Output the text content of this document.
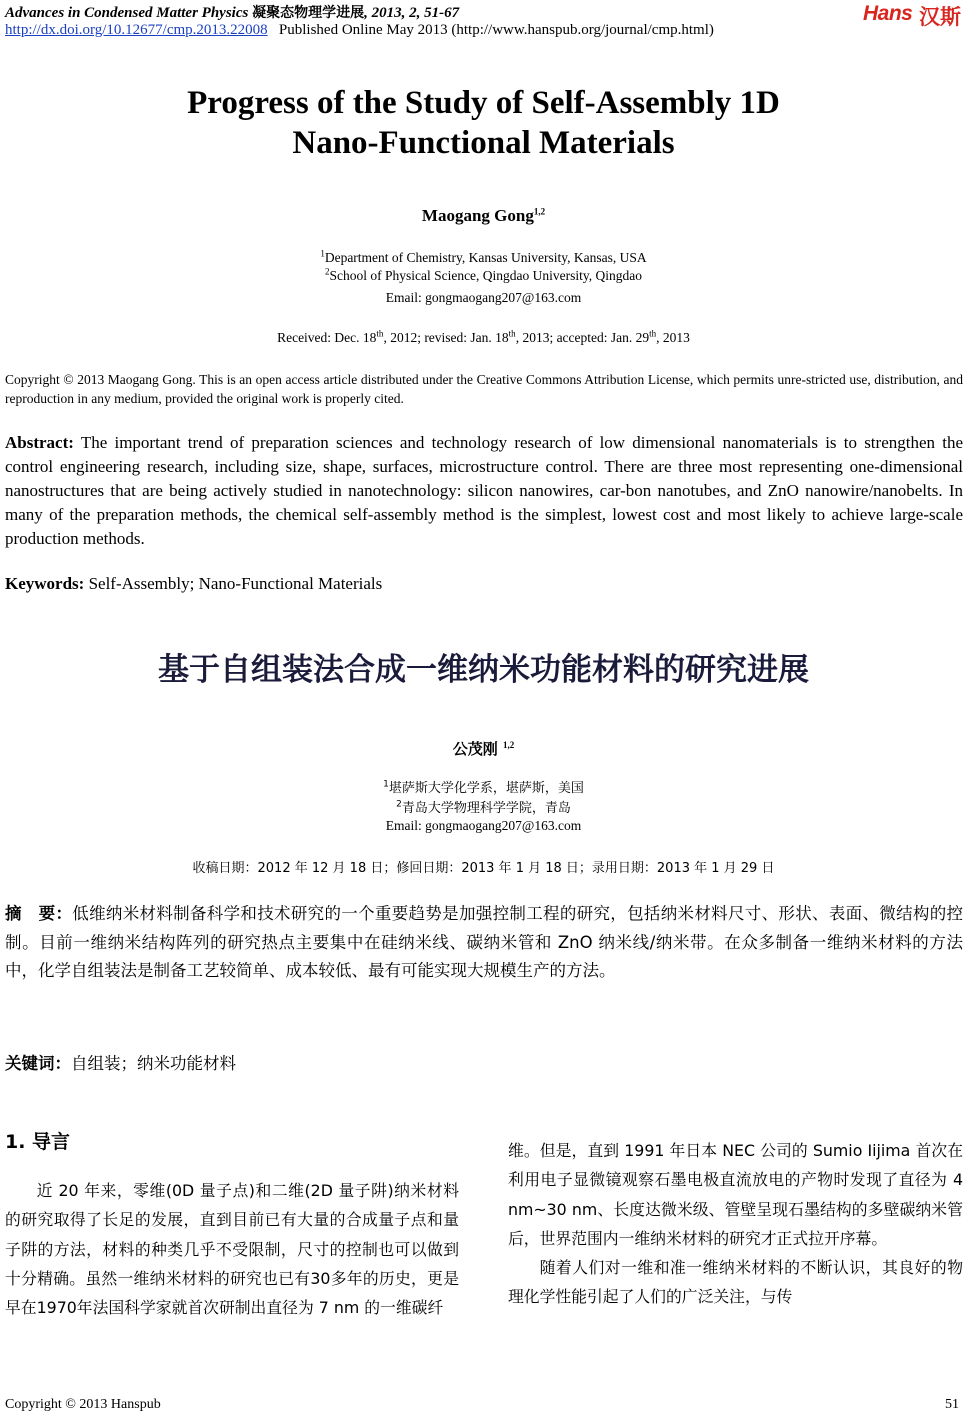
Advances in Condensed Matter Physics 凝聚态物理学进展, 2013, 2, 51-67
http://dx.doi.org/10.12677/cmp.2013.22008 Published Online May 2013 (http://www.hanspub.org/journal/cmp.html)
Hans 汉斯
Progress of the Study of Self-Assembly 1D
Nano-Functional Materials
Maogang Gong$^{1,2}$
$^1$Department of Chemistry, Kansas University, Kansas, USA
$^2$School of Physical Science, Qingdao University, Qingdao
Email: gongmaogang207@163.com
Received: Dec. 18th, 2012; revised: Jan. 18th, 2013; accepted: Jan. 29th, 2013
Copyright © 2013 Maogang Gong. This is an open access article distributed under the Creative Commons Attribution License, which permits unre-stricted use, distribution, and reproduction in any medium, provided the original work is properly cited.
Abstract: The important trend of preparation sciences and technology research of low dimensional nanomaterials is to strengthen the control engineering research, including size, shape, surfaces, microstructure control. There are three most representing one-dimensional nanostructures that are being actively studied in nanotechnology: silicon nanowires, car-bon nanotubes, and ZnO nanowire/nanobelts. In many of the preparation methods, the chemical self-assembly method is the simplest, lowest cost and most likely to achieve large-scale production methods.
Keywords: Self-Assembly; Nano-Functional Materials
基于自组装法合成一维纳米功能材料的研究进展
公茂刚 $^{1,2}$
$^1$堪萨斯大学化学系，堪萨斯，美国
$^2$青岛大学物理科学学院，青岛
Email: gongmaogang207@163.com
收稿日期：2012 年 12 月 18 日；修回日期：2013 年 1 月 18 日；录用日期：2013 年 1 月 29 日
摘　要：低维纳米材料制备科学和技术研究的一个重要趋势是加强控制工程的研究，包括纳米材料尺寸、形状、表面、微结构的控制。目前一维纳米结构阵列的研究热点主要集中在硅纳米线、碳纳米管和 ZnO 纳米线/纳米带。在众多制备一维纳米材料的方法中，化学自组装法是制备工艺较简单、成本较低、最有可能实现大规模生产的方法。
关键词：自组装；纳米功能材料
1. 导言

近 20 年来，零维(0D 量子点)和二维(2D 量子阱)纳米材料的研究取得了长足的发展，直到目前已有大量的合成量子点和量子阱的方法，材料的种类几乎不受限制，尺寸的控制也可以做到十分精确。虽然一维纳米材料的研究也已有30多年的历史，更是早在1970年法国科学家就首次研制出直径为 7 nm 的一维碳纤

维。但是，直到 1991 年日本 NEC 公司的 Sumio Iijima 首次在利用电子显微镜观察石墨电极直流放电的产物时发现了直径为 4 nm~30 nm、长度达微米级、管壁呈现石墨结构的多壁碳纳米管后，世界范围内一维纳米材料的研究才正式拉开序幕。

随着人们对一维和准一维纳米材料的不断认识，其良好的物理化学性能引起了人们的广泛关注，与传

Copyright © 2013 Hanspub	51
